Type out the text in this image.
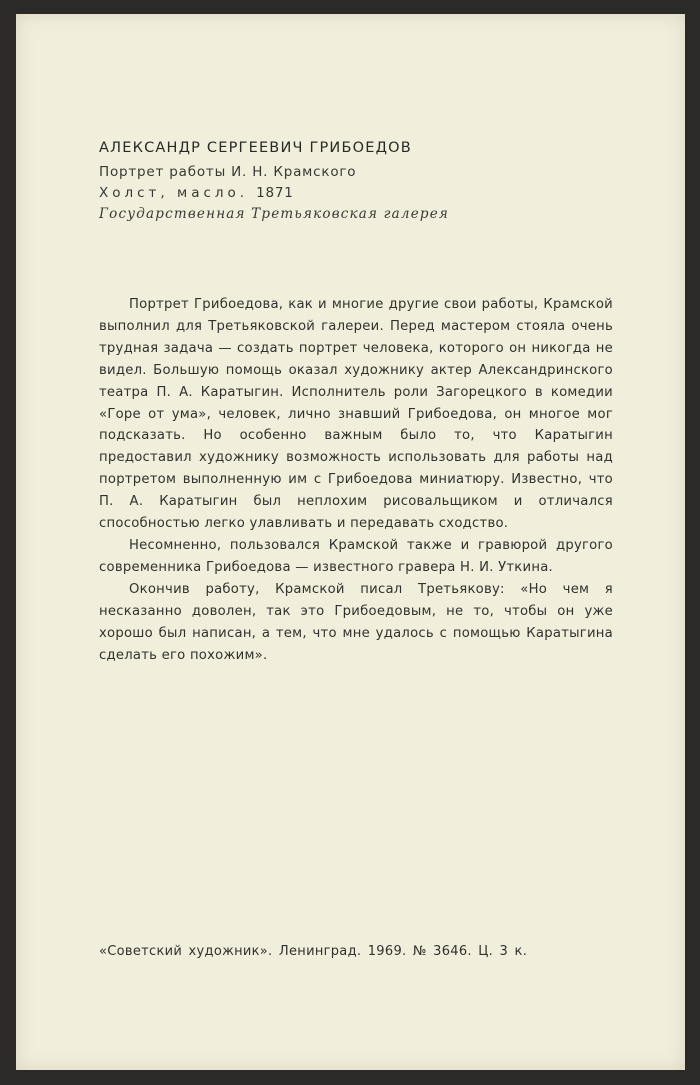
АЛЕКСАНДР СЕРГЕЕВИЧ ГРИБОЕДОВ
Портрет работы И. Н. Крамского
Холст, масло. 1871
Государственная Третьяковская галерея

Портрет Грибоедова, как и многие другие свои работы, Крамской выполнил для Третьяковской галереи. Перед мастером стояла очень трудная задача — создать портрет человека, которого он никогда не видел. Большую помощь оказал художнику актер Александринского театра П. А. Каратыгин. Исполнитель роли Загорецкого в комедии «Горе от ума», человек, лично знавший Грибоедова, он многое мог подсказать. Но особенно важным было то, что Каратыгин предоставил художнику возможность использовать для работы над портретом выполненную им с Грибоедова миниатюру. Известно, что П. А. Каратыгин был неплохим рисовальщиком и отличался способностью легко улавливать и передавать сходство.

Несомненно, пользовался Крамской также и гравюрой другого современника Грибоедова — известного гравера Н. И. Уткина.

Окончив работу, Крамской писал Третьякову: «Но чем я несказанно доволен, так это Грибоедовым, не то, чтобы он уже хорошо был написан, а тем, что мне удалось с помощью Каратыгина сделать его похожим».

«Советский художник». Ленинград. 1969. № 3646. Ц. 3 к.
